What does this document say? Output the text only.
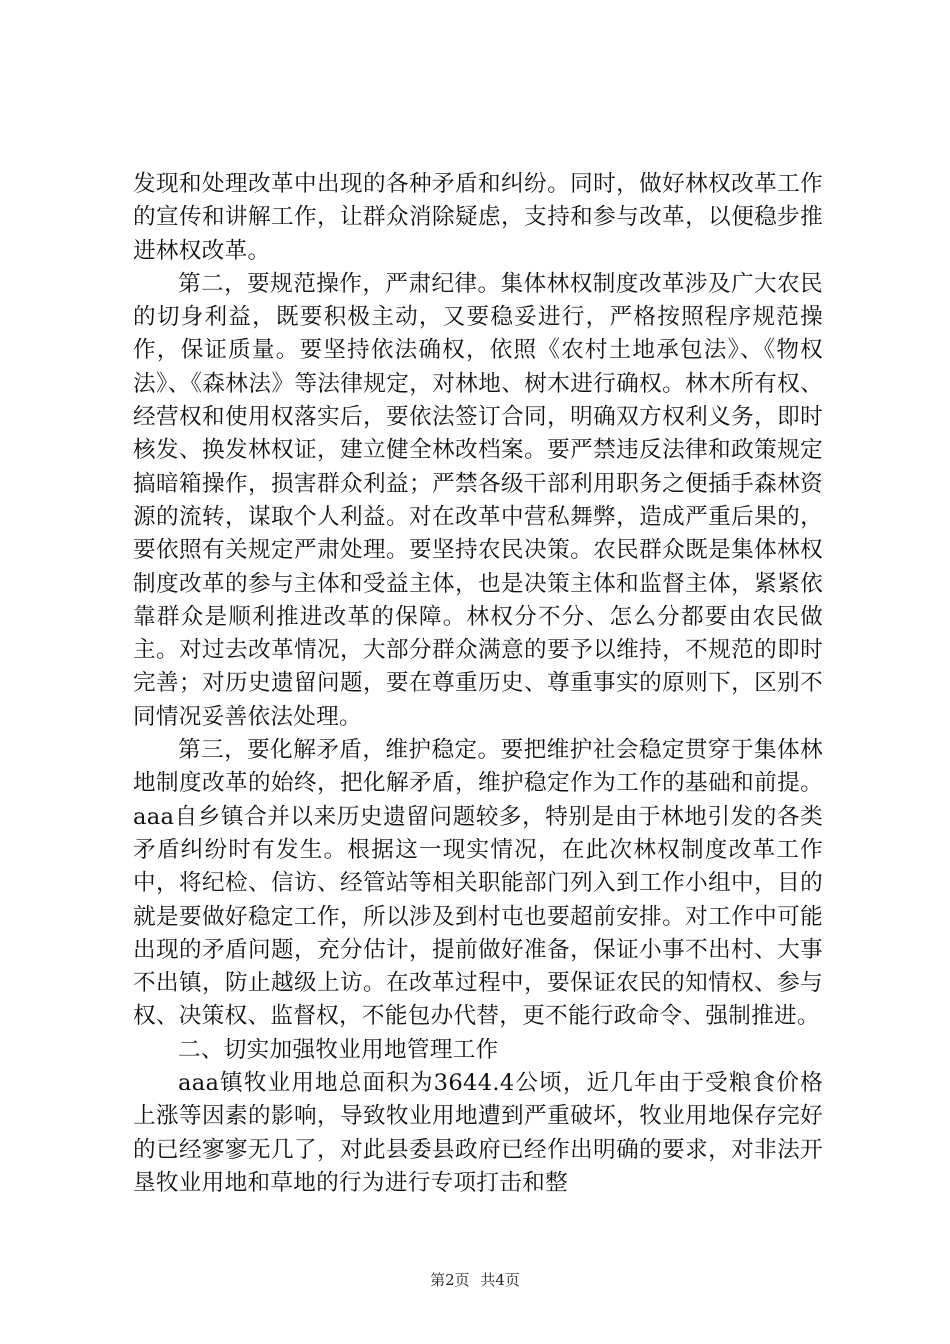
发现和处理改革中出现的各种矛盾和纠纷。同时，做好林权改革工作的宣传和讲解工作，让群众消除疑虑，支持和参与改革，以便稳步推进林权改革。

第二，要规范操作，严肃纪律。集体林权制度改革涉及广大农民的切身利益，既要积极主动，又要稳妥进行，严格按照程序规范操作，保证质量。要坚持依法确权，依照《农村土地承包法》、《物权法》、《森林法》等法律规定，对林地、树木进行确权。林木所有权、经营权和使用权落实后，要依法签订合同，明确双方权利义务，即时核发、换发林权证，建立健全林改档案。要严禁违反法律和政策规定搞暗箱操作，损害群众利益；严禁各级干部利用职务之便插手森林资源的流转，谋取个人利益。对在改革中营私舞弊，造成严重后果的，要依照有关规定严肃处理。要坚持农民决策。农民群众既是集体林权制度改革的参与主体和受益主体，也是决策主体和监督主体，紧紧依靠群众是顺利推进改革的保障。林权分不分、怎么分都要由农民做主。对过去改革情况，大部分群众满意的要予以维持，不规范的即时完善；对历史遗留问题，要在尊重历史、尊重事实的原则下，区别不同情况妥善依法处理。

第三，要化解矛盾，维护稳定。要把维护社会稳定贯穿于集体林地制度改革的始终，把化解矛盾，维护稳定作为工作的基础和前提。aaa自乡镇合并以来历史遗留问题较多，特别是由于林地引发的各类矛盾纠纷时有发生。根据这一现实情况，在此次林权制度改革工作中，将纪检、信访、经管站等相关职能部门列入到工作小组中，目的就是要做好稳定工作，所以涉及到村屯也要超前安排。对工作中可能出现的矛盾问题，充分估计，提前做好准备，保证小事不出村、大事不出镇，防止越级上访。在改革过程中，要保证农民的知情权、参与权、决策权、监督权，不能包办代替，更不能行政命令、强制推进。

二、切实加强牧业用地管理工作

aaa镇牧业用地总面积为3644.4公顷，近几年由于受粮食价格上涨等因素的影响，导致牧业用地遭到严重破坏，牧业用地保存完好的已经寥寥无几了，对此县委县政府已经作出明确的要求，对非法开垦牧业用地和草地的行为进行专项打击和整

第2页 共4页
